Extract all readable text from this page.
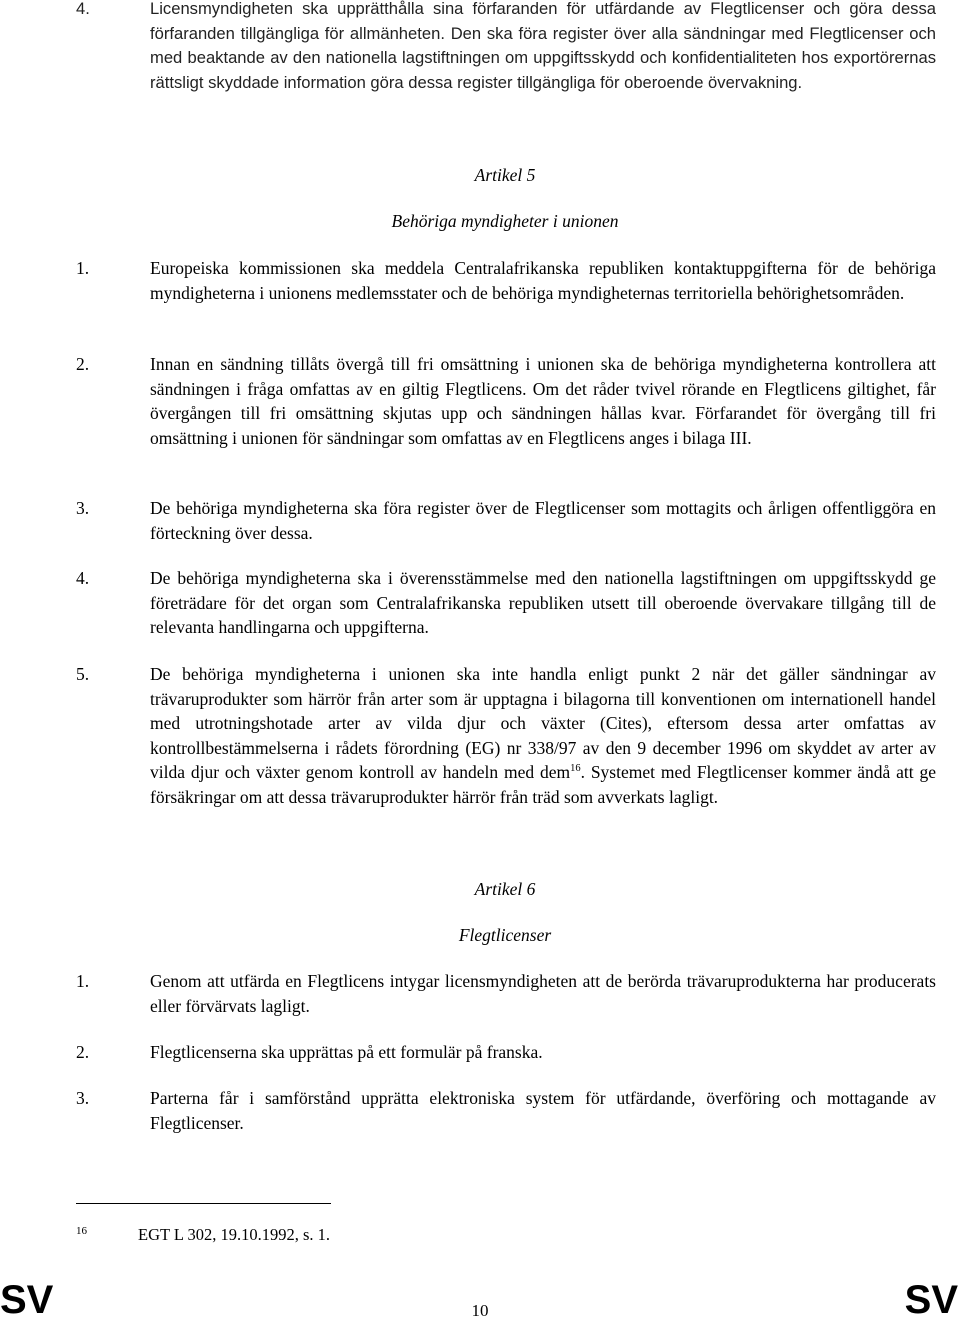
4.	Licensmyndigheten ska upprätthålla sina förfaranden för utfärdande av Flegtlicenser och göra dessa förfaranden tillgängliga för allmänheten. Den ska föra register över alla sändningar med Flegtlicenser och med beaktande av den nationella lagstiftningen om uppgiftsskydd och konfidentialiteten hos exportörernas rättsligt skyddade information göra dessa register tillgängliga för oberoende övervakning.
Artikel 5
Behöriga myndigheter i unionen
1.	Europeiska kommissionen ska meddela Centralafrikanska republiken kontaktuppgifterna för de behöriga myndigheterna i unionens medlemsstater och de behöriga myndigheternas territoriella behörighetsområden.
2.	Innan en sändning tillåts övergå till fri omsättning i unionen ska de behöriga myndigheterna kontrollera att sändningen i fråga omfattas av en giltig Flegtlicens. Om det råder tvivel rörande en Flegtlicens giltighet, får övergången till fri omsättning skjutas upp och sändningen hållas kvar. Förfarandet för övergång till fri omsättning i unionen för sändningar som omfattas av en Flegtlicens anges i bilaga III.
3.	De behöriga myndigheterna ska föra register över de Flegtlicenser som mottagits och årligen offentliggöra en förteckning över dessa.
4.	De behöriga myndigheterna ska i överensstämmelse med den nationella lagstiftningen om uppgiftsskydd ge företrädare för det organ som Centralafrikanska republiken utsett till oberoende övervakare tillgång till de relevanta handlingarna och uppgifterna.
5.	De behöriga myndigheterna i unionen ska inte handla enligt punkt 2 när det gäller sändningar av trävaruprodukter som härrör från arter som är upptagna i bilagorna till konventionen om internationell handel med utrotningshotade arter av vilda djur och växter (Cites), eftersom dessa arter omfattas av kontrollbestämmelserna i rådets förordning (EG) nr 338/97 av den 9 december 1996 om skyddet av arter av vilda djur och växter genom kontroll av handeln med dem$^{16}$. Systemet med Flegtlicenser kommer ändå att ge försäkringar om att dessa trävaruprodukter härrör från träd som avverkats lagligt.
Artikel 6
Flegtlicenser
1.	Genom att utfärda en Flegtlicens intygar licensmyndigheten att de berörda trävaruprodukterna har producerats eller förvärvats lagligt.
2.	Flegtlicenserna ska upprättas på ett formulär på franska.
3.	Parterna får i samförstånd upprätta elektroniska system för utfärdande, överföring och mottagande av Flegtlicenser.
16	EGT L 302, 19.10.1992, s. 1.
SV	10	SV
